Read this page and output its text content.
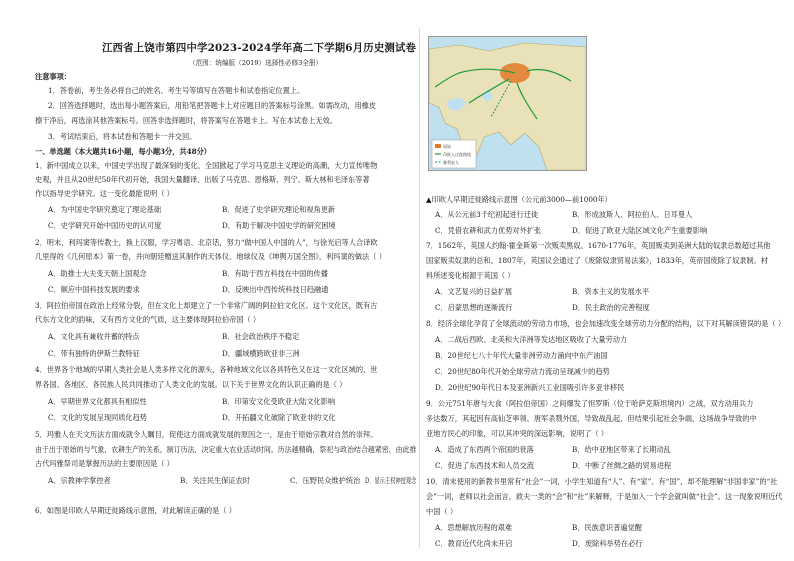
江西省上饶市第四中学2023-2024学年高二下学期6月历史测试卷
（范围：统编版（2019）选择性必修3全册）
注意事项：
1．答卷前，考生务必将自己的姓名、考生号等填写在答题卡和试卷指定位置上。
2．回答选择题时，选出每小题答案后，用铅笔把答题卡上对应题目的答案标号涂黑。如需改动，用橡皮
擦干净后，再选涂其他答案标号。回答非选择题时，将答案写在答题卡上。写在本试卷上无效。
3．考试结束后，将本试卷和答题卡一并交回。
一、单选题（本大题共16小题，每小题3分，共48分）
1．新中国成立以来，中国史学出现了最深刻的变化，全国掀起了学习马克思主义理论的高潮，大力宣传唯物
史观，并且从20世纪50年代初开始，我国大量翻译、出版了马克思、恩格斯、列宁、斯大林和毛泽东等著
作以指导史学研究。这一变化最能说明（ ）
A．为中国史学研究奠定了理论基础	B．促进了史学研究理论和视角更新
C．史学研究开始中国历史的认可度	D．有助于解决中国史学的研究困境
2．明末，利玛窦等传教士，换上汉服，学习粤语、北京话，努力“做中国人中国的人”，与徐光启等人合译欧
几里得的《几何原本》第一卷，并向朝廷赠送其制作的天体仪、地球仪及《坤舆万国全图》，利玛窦的做法（ ）
A．助推士大夫变天朝上国观念	B．有助于西方科技在中国的传播
C．顺应中国科技发展的要求	D．反映出中西传统科技日趋融通
3．阿拉伯帝国在政治上经常分裂，但在文化上却建立了一个非常广阔的阿拉伯文化区。这个文化区，既有古
代东方文化的韵味，又有西方文化的气质，这主要体现阿拉伯帝国（ ）
A．文化具有兼收并蓄的特点	B．社会政治秩序不稳定
C．带有独特的伊斯兰教特征	D．疆域横跨欧亚非三洲
4．世界各个地域的早期人类社会是人类多样文化的源头，各种地域文化以各具特色又在这一文化区域的，世
界各国、各地区、各民族人民共同推动了人类文化的发展。以下关于世界文化的认识正确的是（ ）
A．早期世界文化都具有相似性	B．印第安文化受欧亚大陆文化影响
C．文化的发展呈现同质化趋势	D．开拓疆文化破除了欧亚非的文化
5．玛雅人在天文历法方面成就令人瞩目，促使这方面成就发展的原因之一，是由于原始宗教对自然的崇拜。
由于出于原始的与气象，农耕生产的关系，制订历法，决定重大农业活动时间。历法越精确，祭祀与政治结合越紧密，由此推
古代玛雅祭司是掌握历法的主要原因是（ ）
A．宗教神学掌控者	B．关注民生保证农时	C．压野民众维护统治 D．显示王权神授观念
6．如图是印欧人早期迁徙路线示意图，对此解读正确的是（ ）
原始
印欧人迁徙路线
雅利安人
▲印欧人早期迁徙路线示意图（公元前3000—前1000年）
A．从公元前3千纪初起进行迁徙	B．形成波斯人、阿拉伯人、日耳曼人
C．凭借农耕和武力优势对外扩张	D．促进了欧亚大陆区域文化产生重要影响
7．1562年，英国人约翰·霍金斯第一次贩卖黑奴。1670-1776年，英国贩卖到美洲大陆的奴隶总数超过其他
国家贩卖奴隶的总和。1807年，英国议会通过了《废除奴隶贸易法案》，1833年，英帝国废除了奴隶制。材
料所述变化根源于英国（ ）
A．文艺复兴的日益扩展	B．资本主义的发展水平
C．启蒙思想的逐渐流行	D．民主政治的完善程度
8．经济全球化孕育了全球流动的劳动力市场，也会加速改变全球劳动力分配的结构，以下对其解读错误的是（ ）
A．二战后西欧、北美和大洋洲等发达地区吸收了大量劳动力
B．20世纪七八十年代大量非洲劳动力涌向中东产油国
C．20世纪80年代开始全球劳动力流动呈现减少的趋势
D．20世纪90年代日本及亚洲新兴工业国吸引许多亚非移民
9．公元751年唐与大食（阿拉伯帝国）之间爆发了怛罗斯（位于哈萨克斯坦境内）之战，双方动用兵力
多达数万，其起因有高仙芝率领、唐军杀戮外国，导致战乱起，但结果引起社会争端，这场战争导致的中
亚地方民心的印象，可以其冲突的深远影响，说明了（ ）
A．造成了东西两个帝国的衰落	B．给中亚地区带来了长期动乱
C．促进了东西技术和人员交流	D．中断了丝绸之路的贸易进程
10．清末使用的新教书里常有“社会”一词，小学生知道有“人”、有“家”、有“国”，却不能理解“非国非家”的“社
会”一词，老师以社会而言，救夫一类的“会”和“社”来解释，于是加入一个学会就叫做“社会”。这一现象说明近代
中国（ ）
A．思想解放历程的艰难	B．民族意识普遍觉醒
C．教育近代化尚未开启	D．废除科举势在必行
